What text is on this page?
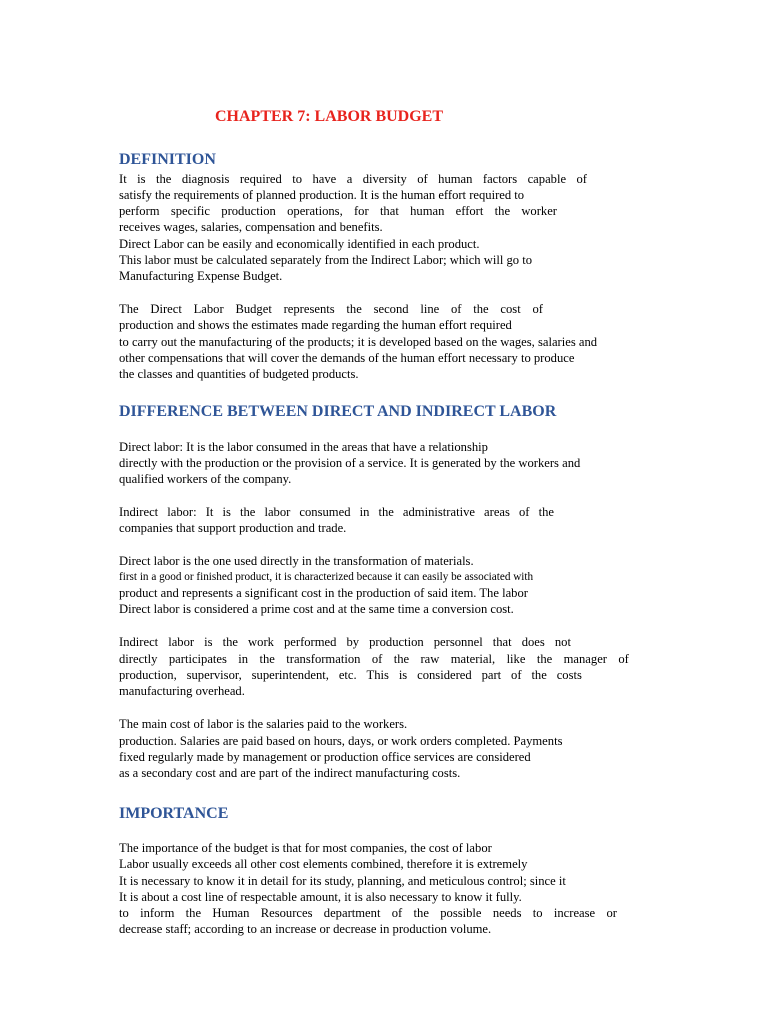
CHAPTER 7: LABOR BUDGET
DEFINITION
It is the diagnosis required to have a diversity of human factors capable of
satisfy the requirements of planned production. It is the human effort required to
perform specific production operations, for that human effort the worker
receives wages, salaries, compensation and benefits.
Direct Labor can be easily and economically identified in each product.
This labor must be calculated separately from the Indirect Labor; which will go to
Manufacturing Expense Budget.
The Direct Labor Budget represents the second line of the cost of
production and shows the estimates made regarding the human effort required
to carry out the manufacturing of the products; it is developed based on the wages, salaries and
other compensations that will cover the demands of the human effort necessary to produce
the classes and quantities of budgeted products.
DIFFERENCE BETWEEN DIRECT AND INDIRECT LABOR
Direct labor: It is the labor consumed in the areas that have a relationship
directly with the production or the provision of a service. It is generated by the workers and
qualified workers of the company.
Indirect labor: It is the labor consumed in the administrative areas of the
companies that support production and trade.
Direct labor is the one used directly in the transformation of materials.
first in a good or finished product, it is characterized because it can easily be associated with
product and represents a significant cost in the production of said item. The labor
Direct labor is considered a prime cost and at the same time a conversion cost.
Indirect labor is the work performed by production personnel that does not
directly participates in the transformation of the raw material, like the manager of
production, supervisor, superintendent, etc. This is considered part of the costs
manufacturing overhead.
The main cost of labor is the salaries paid to the workers.
production. Salaries are paid based on hours, days, or work orders completed. Payments
fixed regularly made by management or production office services are considered
as a secondary cost and are part of the indirect manufacturing costs.
IMPORTANCE
The importance of the budget is that for most companies, the cost of labor
Labor usually exceeds all other cost elements combined, therefore it is extremely
It is necessary to know it in detail for its study, planning, and meticulous control; since it
It is about a cost line of respectable amount, it is also necessary to know it fully.
to inform the Human Resources department of the possible needs to increase or
decrease staff; according to an increase or decrease in production volume.
